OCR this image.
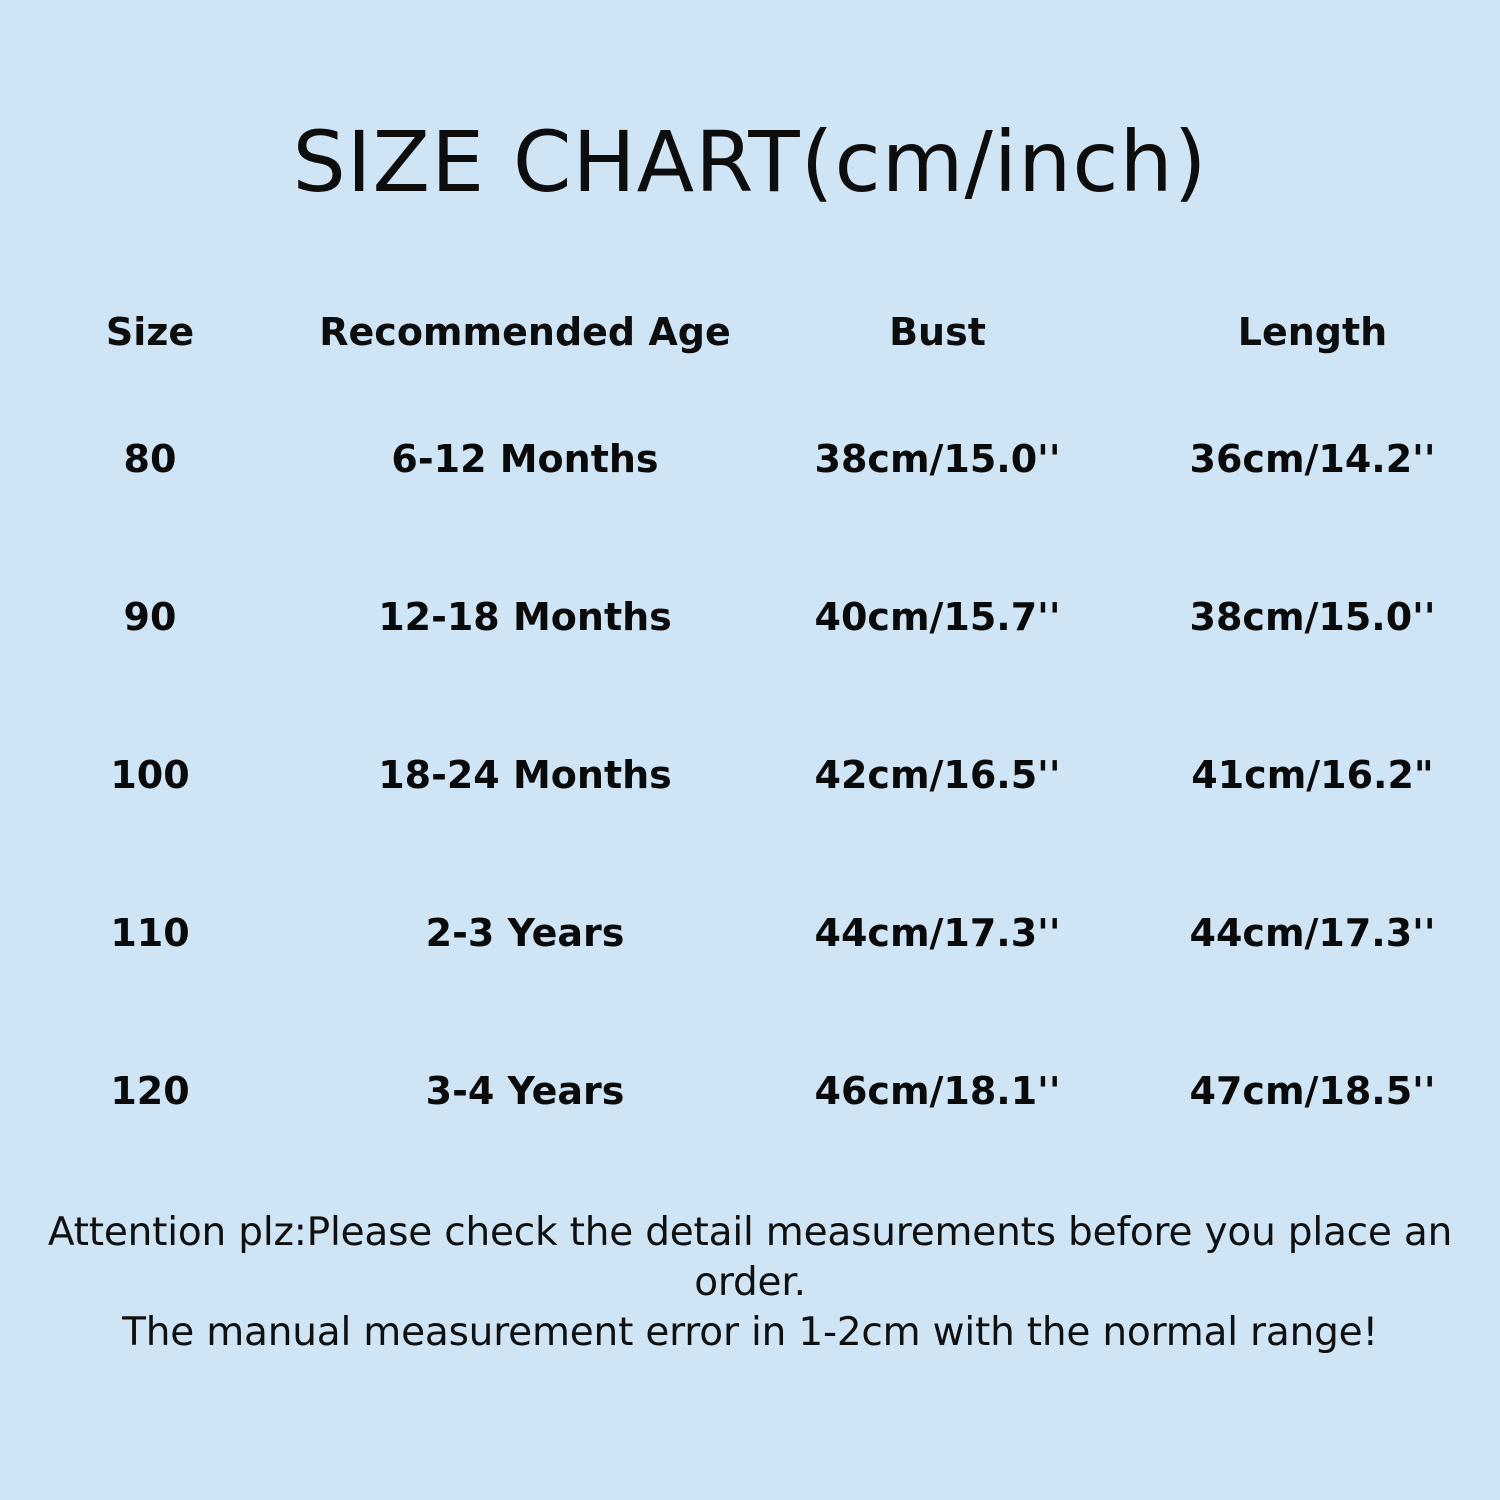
SIZE CHART(cm/inch)
Size	Recommended Age	Bust	Length
80	6-12 Months	38cm/15.0''	36cm/14.2''
90	12-18 Months	40cm/15.7''	38cm/15.0''
100	18-24 Months	42cm/16.5''	41cm/16.2"
110	2-3 Years	44cm/17.3''	44cm/17.3''
120	3-4 Years	46cm/18.1''	47cm/18.5''
Attention plz:Please check the detail measurements before you place an
order.
The manual measurement error in 1-2cm with the normal range!
